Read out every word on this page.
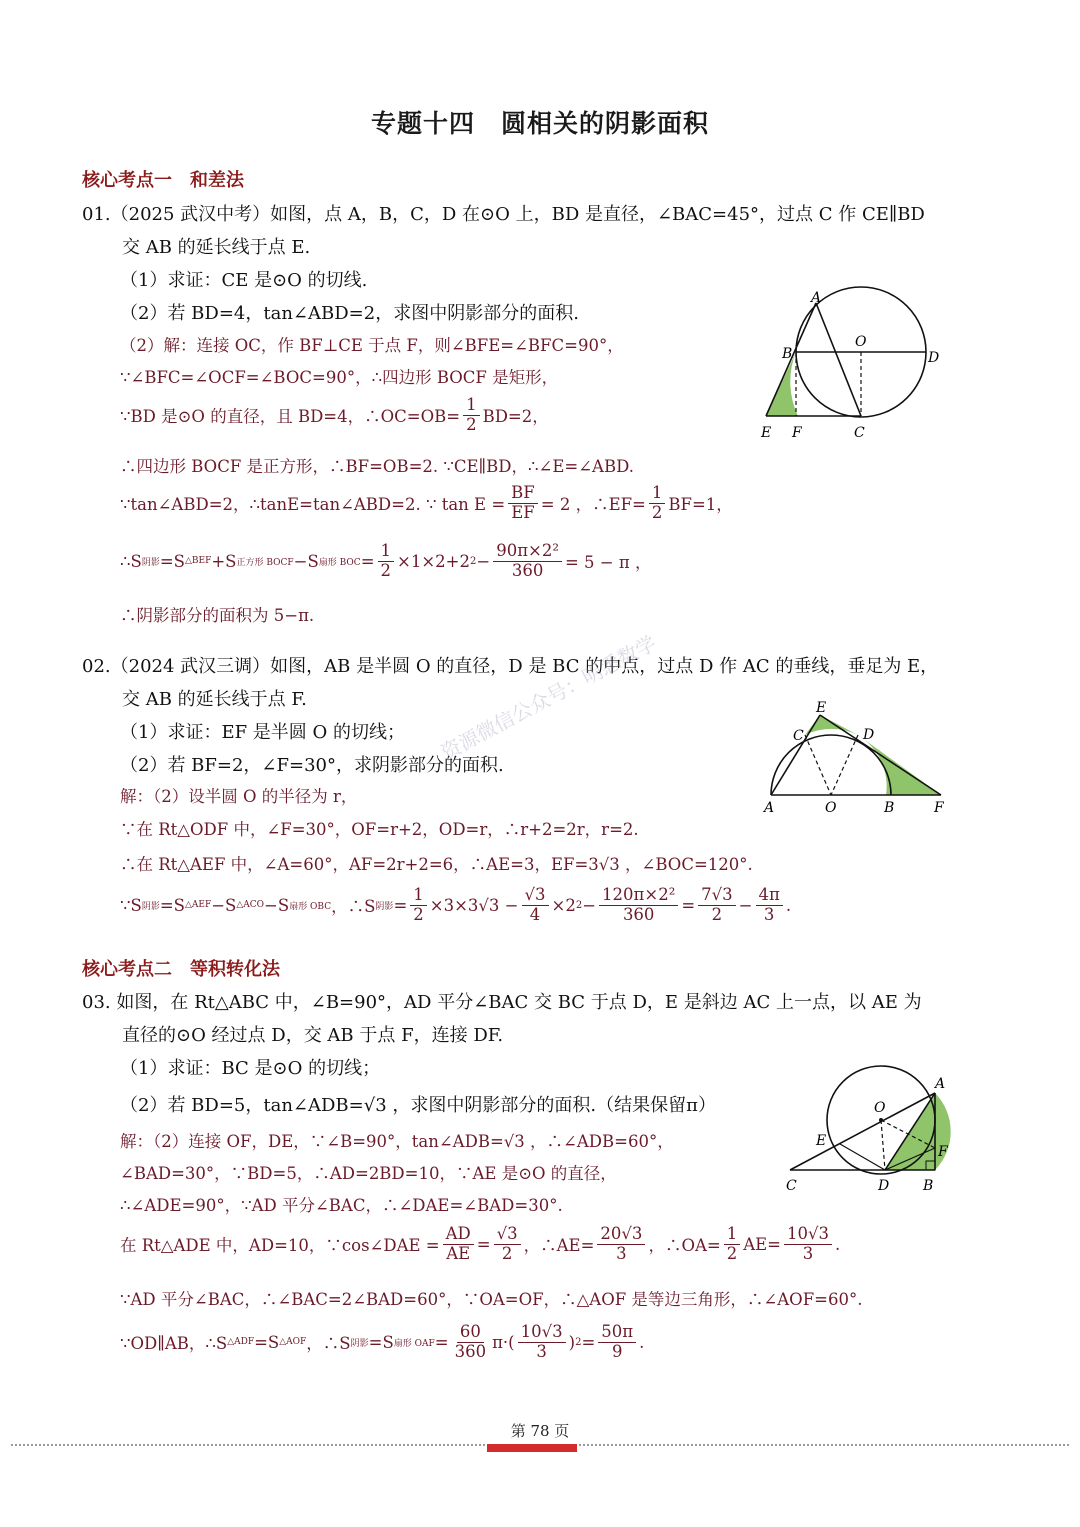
专题十四　圆相关的阴影面积
核心考点一　和差法
01.（2025 武汉中考）如图，点 A，B，C，D 在⊙O 上，BD 是直径，∠BAC=45°，过点 C 作 CE∥BD
交 AB 的延长线于点 E.
（1）求证：CE 是⊙O 的切线.
（2）若 BD=4，tan∠ABD=2，求图中阴影部分的面积.
（2）解：连接 OC，作 BF⊥CE 于点 F，则∠BFE=∠BFC=90°，
∵∠BFC=∠OCF=∠BOC=90°，∴四边形 BOCF 是矩形，
∵BD 是⊙O 的直径，且 BD=4，∴OC=OB= $\frac{1}{2} BD=2$，
∴四边形 BOCF 是正方形，∴BF=OB=2. ∵CE∥BD，∴∠E=∠ABD.
∵tan∠ABD=2，∴tanE=tan∠ABD=2. ∵ $\tan E = \frac{BF}{EF} = 2$ ，∴EF= $\frac{1}{2} BF=1$，
∴S 阴影 =S △BEF +S 正方形 BOCF −S 扇形 BOC = $\frac{1}{2} \times 1\times 2+2$ $2 - \frac{\text{90π×2²}}{360} = 5 - \pi$ ，
∴阴影部分的面积为 5−π.
A
B
O
D
E F	C
02.（2024 武汉三调）如图，AB 是半圆 O 的直径，D 是 BC 的中点，过点 D 作 AC 的垂线，垂足为 E，
交 AB 的延长线于点 F.
（1）求证：EF 是半圆 O 的切线；
（2）若 BF=2，∠F=30°，求阴影部分的面积.
解：（2）设半圆 O 的半径为 r，
∵在 Rt△ODF 中，∠F=30°，OF=r+2，OD=r，∴r+2=2r，r=2.
∴在 Rt△AEF 中，∠A=60°，AF=2r+2=6，∴AE=3，EF=3√3 ，∠BOC=120°.
∵S 阴影 =S △AEF −S △ACO −S 扇形 OBC ，∴S 阴影 = $\frac{1}{2} \times 3\times 3√3 - \frac{√3}{4} \times 2$ $2 - \frac{\text{120π×2²}}{360} = \frac{7√3}{2} - \frac{4\pi}{3}$ .
资源微信公众号：明悉数学	E
C	D
A	O	B	F
核心考点二　等积转化法
03. 如图，在 Rt△ABC 中，∠B=90°，AD 平分∠BAC 交 BC 于点 D，E 是斜边 AC 上一点，以 AE 为
直径的⊙O 经过点 D，交 AB 于点 F，连接 DF.
（1）求证：BC 是⊙O 的切线；
（2）若 BD=5，tan∠ADB=√3 ，求图中阴影部分的面积.（结果保留π）
解：（2）连接 OF，DE，∵∠B=90°，tan∠ADB=√3 ，∴∠ADB=60°，
∠BAD=30°，∵BD=5，∴AD=2BD=10，∵AE 是⊙O 的直径，
∴∠ADE=90°，∵AD 平分∠BAC，∴∠DAE=∠BAD=30°.
在 Rt△ADE 中，AD=10，∵cos∠DAE = $\frac{AD}{AE} = \frac{√3}{2}$ ，∴AE= $\frac{20√3}{3}$ ，∴OA= $\frac{1}{2} AE= \frac{10√3}{3}$ .
∵AD 平分∠BAC，∴∠BAC=2∠BAD=60°，∵OA=OF，∴△AOF 是等边三角形，∴∠AOF=60°.
∵OD∥AB，∴S △ADF =S △AOF ，∴S 阴影 =S 扇形 OAF = $\frac{60}{360} \pi\cdot( \frac{10√3}{3}$ ) $2 = \frac{50\pi}{9}$ .
A
O
E
F
C	D B
第 78 页
